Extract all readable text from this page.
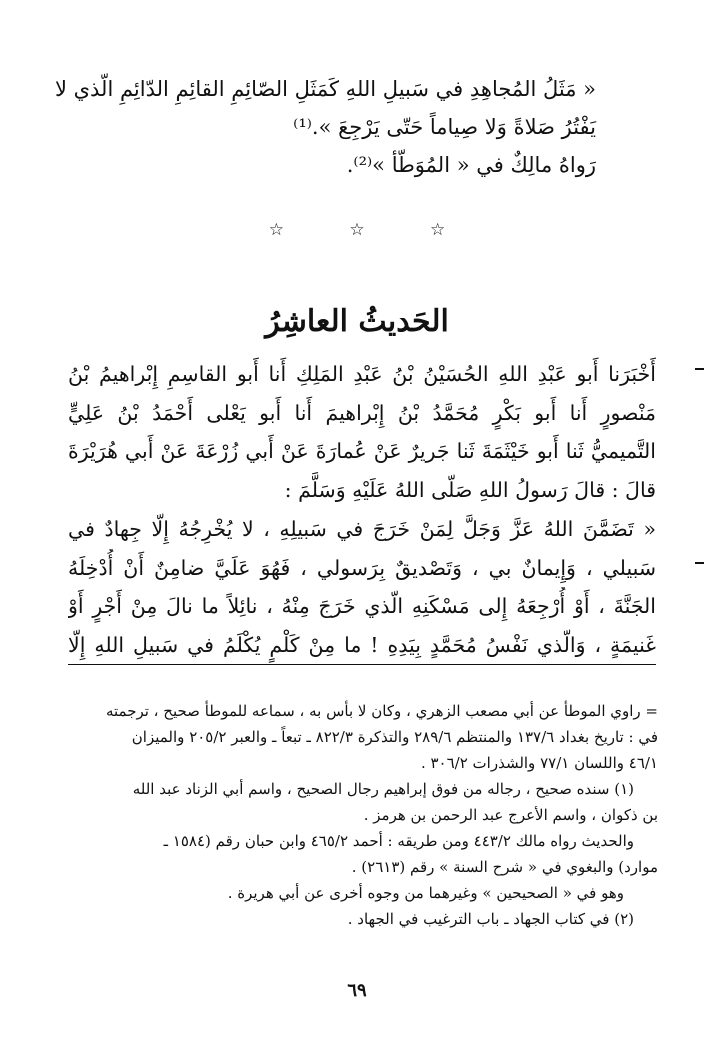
« مَثَلُ المُجاهِدِ في سَبيلِ اللهِ كَمَثَلِ الصّائِمِ القائِمِ الدّائِمِ الّذي لا
يَفْتُرُ صَلاةً وَلا صِياماً حَتّى يَرْجِعَ ».⁽¹⁾
رَواهُ مالِكٌ في « المُوَطّأ »⁽²⁾.
☆ ☆ ☆
الحَديثُ العاشِرُ
أَخْبَرَنا أَبو عَبْدِ اللهِ الحُسَيْنُ بْنُ عَبْدِ المَلِكِ أَنا أَبو القاسِمِ إِبْراهيمُ بْنُ
مَنْصورٍ أَنا أَبو بَكْرٍ مُحَمَّدُ بْنُ إِبْراهيمَ أَنا أَبو يَعْلى أَحْمَدُ بْنُ عَلِيٍّ
التَّميميُّ ثَنا أَبو خَيْثَمَةَ ثَنا جَريرٌ عَنْ عُمارَةَ عَنْ أَبي زُرْعَةَ عَنْ أَبي هُرَيْرَةَ
قالَ : قالَ رَسولُ اللهِ صَلّى اللهُ عَلَيْهِ وَسَلَّمَ :
« تَضَمَّنَ اللهُ عَزَّ وَجَلَّ لِمَنْ خَرَجَ في سَبيلِهِ ، لا يُخْرِجُهُ إِلّا جِهادٌ في
سَبيلي ، وَإِيمانٌ بي ، وَتَصْديقٌ بِرَسولي ، فَهُوَ عَلَيَّ ضامِنٌ أَنْ أُدْخِلَهُ
الجَنَّةَ ، أَوْ أُرْجِعَهُ إِلى مَسْكَنِهِ الّذي خَرَجَ مِنْهُ ، نائِلاً ما نالَ مِنْ أَجْرٍ أَوْ
غَنيمَةٍ ، وَالّذي نَفْسُ مُحَمَّدٍ بِيَدِهِ ! ما مِنْ كَلْمٍ يُكْلَمُ في سَبيلِ اللهِ إِلّا
= راوي الموطأ عن أبي مصعب الزهري ، وكان لا بأس به ، سماعه للموطأ صحيح ، ترجمته
في : تاريخ بغداد ١٣٧/٦ والمنتظم ٢٨٩/٦ والتذكرة ٨٢٢/٣ ـ تبعاً ـ والعبر ٢٠٥/٢ والميزان
٤٦/١ واللسان ٧٧/١ والشذرات ٣٠٦/٢ .
(١) سنده صحيح ، رجاله من فوق إبراهيم رجال الصحيح ، واسم أبي الزناد عبد الله
بن ذكوان ، واسم الأعرج عبد الرحمن بن هرمز .
والحديث رواه مالك ٤٤٣/٢ ومن طريقه : أحمد ٤٦٥/٢ وابن حبان رقم (١٥٨٤ ـ
موارد) والبغوي في « شرح السنة » رقم (٢٦١٣) .
وهو في « الصحيحين » وغيرهما من وجوه أخرى عن أبي هريرة .
(٢) في كتاب الجهاد ـ باب الترغيب في الجهاد .
٦٩
